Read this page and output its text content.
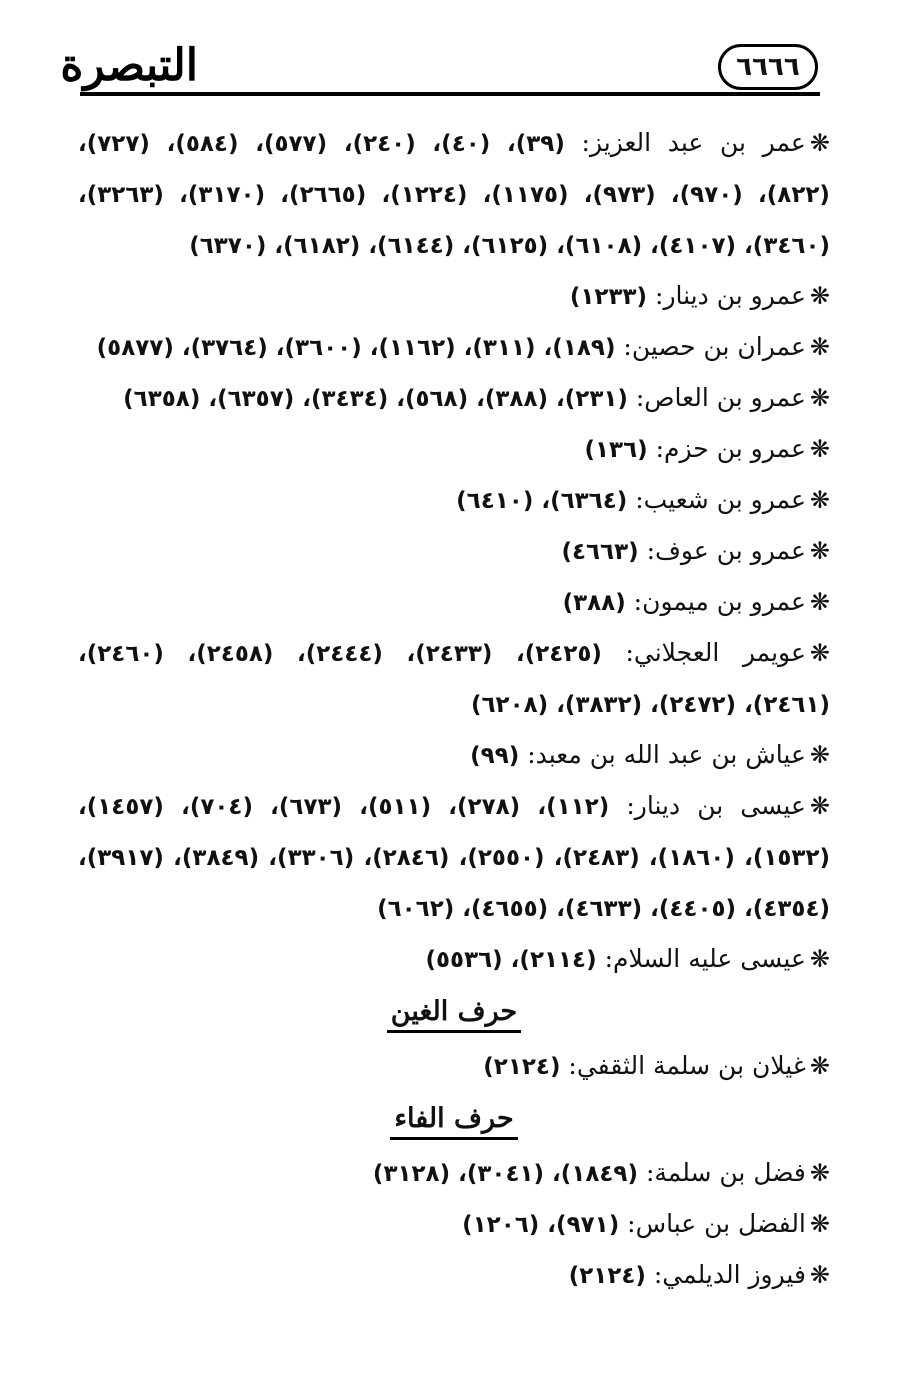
التبصرة	٦٦٦٦

❋عمر بن عبد العزيز: (٣٩)، (٤٠)، (٢٤٠)، (٥٧٧)، (٥٨٤)، (٧٢٧)، (٨٢٢)، (٩٧٠)، (٩٧٣)، (١١٧٥)، (١٢٢٤)، (٢٦٦٥)، (٣١٧٠)، (٣٢٦٣)، (٣٤٦٠)، (٤١٠٧)، (٦١٠٨)، (٦١٢٥)، (٦١٤٤)، (٦١٨٢)، (٦٣٧٠)

❋عمرو بن دينار: (١٢٣٣)

❋عمران بن حصين: (١٨٩)، (٣١١)، (١١٦٢)، (٣٦٠٠)، (٣٧٦٤)، (٥٨٧٧)

❋عمرو بن العاص: (٢٣١)، (٣٨٨)، (٥٦٨)، (٣٤٣٤)، (٦٣٥٧)، (٦٣٥٨)

❋عمرو بن حزم: (١٣٦)

❋عمرو بن شعيب: (٦٣٦٤)، (٦٤١٠)

❋عمرو بن عوف: (٤٦٦٣)

❋عمرو بن ميمون: (٣٨٨)

❋عويمر العجلاني: (٢٤٢٥)، (٢٤٣٣)، (٢٤٤٤)، (٢٤٥٨)، (٢٤٦٠)، (٢٤٦١)، (٢٤٧٢)، (٣٨٣٢)، (٦٢٠٨)

❋عياش بن عبد الله بن معبد: (٩٩)

❋عيسى بن دينار: (١١٢)، (٢٧٨)، (٥١١)، (٦٧٣)، (٧٠٤)، (١٤٥٧)، (١٥٣٢)، (١٨٦٠)، (٢٤٨٣)، (٢٥٥٠)، (٢٨٤٦)، (٣٣٠٦)، (٣٨٤٩)، (٣٩١٧)، (٤٣٥٤)، (٤٤٠٥)، (٤٦٣٣)، (٤٦٥٥)، (٦٠٦٢)

❋عيسى عليه السلام: (٢١١٤)، (٥٥٣٦)

حرف الغين

❋غيلان بن سلمة الثقفي: (٢١٢٤)

حرف الفاء

❋فضل بن سلمة: (١٨٤٩)، (٣٠٤١)، (٣١٢٨)

❋الفضل بن عباس: (٩٧١)، (١٢٠٦)

❋فيروز الديلمي: (٢١٢٤)
